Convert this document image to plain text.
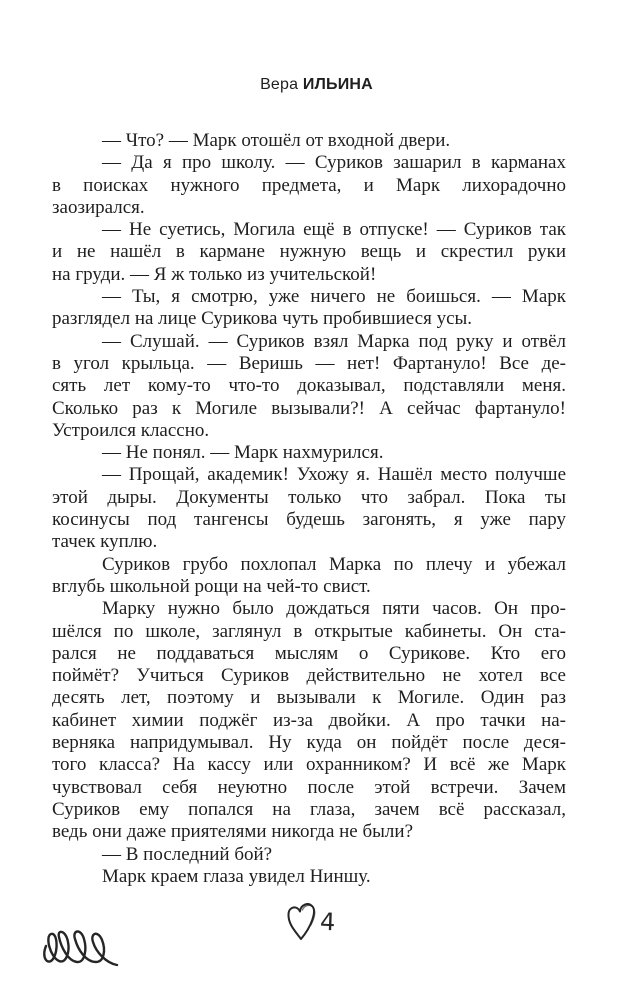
Вера ИЛЬИНА
— Что? — Марк отошёл от входной двери.
— Да я про школу. — Суриков зашарил в карманах
в поисках нужного предмета, и Марк лихорадочно
заозирался.
— Не суетись, Могила ещё в отпуске! — Суриков так
и не нашёл в кармане нужную вещь и скрестил руки
на груди. — Я ж только из учительской!
— Ты, я смотрю, уже ничего не боишься. — Марк
разглядел на лице Сурикова чуть пробившиеся усы.
— Слушай. — Суриков взял Марка под руку и отвёл
в угол крыльца. — Веришь — нет! Фартануло! Все де-
сять лет кому-то что-то доказывал, подставляли меня.
Сколько раз к Могиле вызывали?! А сейчас фартануло!
Устроился классно.
— Не понял. — Марк нахмурился.
— Прощай, академик! Ухожу я. Нашёл место получше
этой дыры. Документы только что забрал. Пока ты
косинусы под тангенсы будешь загонять, я уже пару
тачек куплю.
Суриков грубо похлопал Марка по плечу и убежал
вглубь школьной рощи на чей-то свист.
Марку нужно было дождаться пяти часов. Он про-
шёлся по школе, заглянул в открытые кабинеты. Он ста-
рался не поддаваться мыслям о Сурикове. Кто его
поймёт? Учиться Суриков действительно не хотел все
десять лет, поэтому и вызывали к Могиле. Один раз
кабинет химии поджёг из-за двойки. А про тачки на-
верняка напридумывал. Ну куда он пойдёт после деся-
того класса? На кассу или охранником? И всё же Марк
чувствовал себя неуютно после этой встречи. Зачем
Суриков ему попался на глаза, зачем всё рассказал,
ведь они даже приятелями никогда не были?
— В последний бой?
Марк краем глаза увидел Ниншу.
4
